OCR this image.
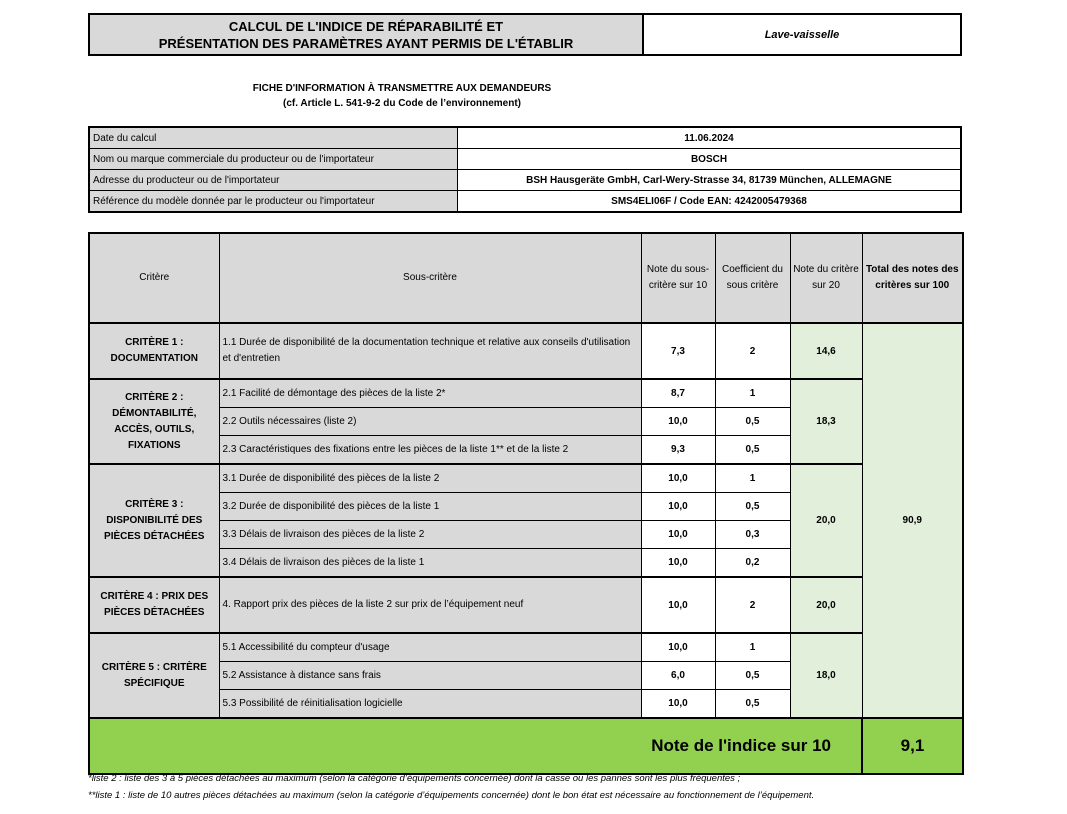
CALCUL DE L'INDICE DE RÉPARABILITÉ ET
PRÉSENTATION DES PARAMÈTRES AYANT PERMIS DE L'ÉTABLIR
Lave-vaisselle
FICHE D'INFORMATION À TRANSMETTRE AUX DEMANDEURS
(cf. Article L. 541-9-2 du Code de l’environnement)
Date du calcul	11.06.2024
Nom ou marque commerciale du producteur ou de l'importateur	BOSCH
Adresse du producteur ou de l'importateur	BSH Hausgeräte GmbH, Carl-Wery-Strasse 34, 81739 München, ALLEMAGNE
Référence du modèle donnée par le producteur ou l'importateur	SMS4ELI06F / Code EAN: 4242005479368
Critère	Sous-critère	Note du sous-critère sur 10	Coefficient du sous critère	Note du critère sur 20	Total des notes des critères sur 100
CRITÈRE 1 : DOCUMENTATION	1.1 Durée de disponibilité de la documentation technique et relative aux conseils d'utilisation et d'entretien	7,3	2	14,6	90,9
CRITÈRE 2 : DÉMONTABILITÉ, ACCÈS, OUTILS, FIXATIONS	2.1 Facilité de démontage des pièces de la liste 2*	8,7	1	18,3	
	2.2 Outils nécessaires (liste 2)	10,0	0,5		
	2.3 Caractéristiques des fixations entre les pièces de la liste 1** et de la liste 2	9,3	0,5		
CRITÈRE 3 : DISPONIBILITÉ DES PIÈCES DÉTACHÉES	3.1 Durée de disponibilité des pièces de la liste 2	10,0	1	20,0	
	3.2 Durée de disponibilité des pièces de la liste 1	10,0	0,5		
	3.3 Délais de livraison des pièces de la liste 2	10,0	0,3		
	3.4 Délais de livraison des pièces de la liste 1	10,0	0,2		
CRITÈRE 4 : PRIX DES PIÈCES DÉTACHÉES	4. Rapport prix des pièces de la liste 2 sur prix de l’équipement neuf	10,0	2	20,0	
CRITÈRE 5 : CRITÈRE SPÉCIFIQUE	5.1 Accessibilité du compteur d'usage	10,0	1	18,0	
	5.2 Assistance à distance sans frais	6,0	0,5		
	5.3 Possibilité de réinitialisation logicielle	10,0	0,5		
Note de l'indice sur 10					9,1
*liste 2 : liste des 3 à 5 pièces détachées au maximum (selon la catégorie d’équipements concernée) dont la casse ou les pannes sont les plus fréquentes ;
**liste 1 : liste de 10 autres pièces détachées au maximum (selon la catégorie d’équipements concernée) dont le bon état est nécessaire au fonctionnement de l’équipement.
